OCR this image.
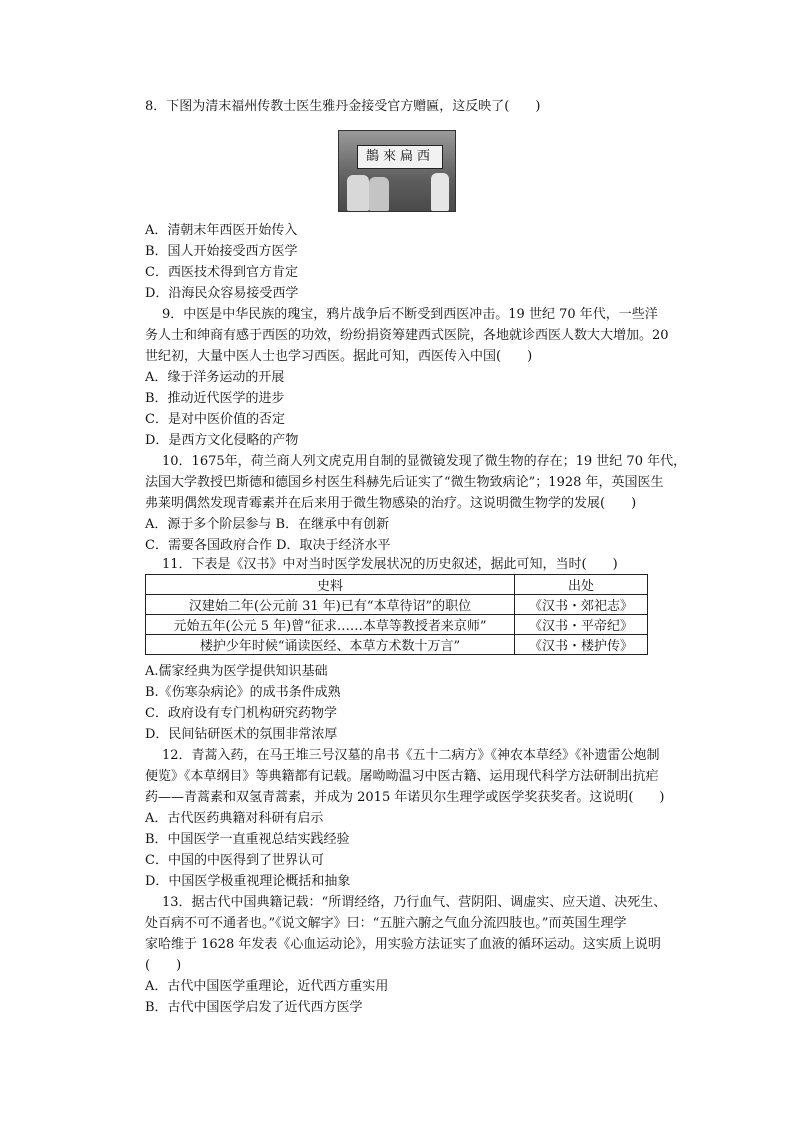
8．下图为清末福州传教士医生雅丹金接受官方赠匾，这反映了(　　)
鵲來扁西
A．清朝末年西医开始传入
B．国人开始接受西方医学
C．西医技术得到官方肯定
D．沿海民众容易接受西学
9．中医是中华民族的瑰宝，鸦片战争后不断受到西医冲击。19 世纪 70 年代，一些洋
务人士和绅商有感于西医的功效，纷纷捐资筹建西式医院，各地就诊西医人数大大增加。20
世纪初，大量中医人士也学习西医。据此可知，西医传入中国(　　)
A．缘于洋务运动的开展
B．推动近代医学的进步
C．是对中医价值的否定
D．是西方文化侵略的产物
10．1675年，荷兰商人列文虎克用自制的显微镜发现了微生物的存在；19 世纪 70 年代，
法国大学教授巴斯德和德国乡村医生科赫先后证实了“微生物致病论”；1928 年，英国医生
弗莱明偶然发现青霉素并在后来用于微生物感染的治疗。这说明微生物学的发展(　　)
A．源于多个阶层参与 B．在继承中有创新
C．需要各国政府合作 D．取决于经济水平
11．下表是《汉书》中对当时医学发展状况的历史叙述，据此可知，当时(　　)
史料	出处
汉建始二年(公元前 31 年)已有“本草待诏”的职位	《汉书・郊祀志》
元始五年(公元 5 年)曾“征求……本草等教授者来京师”	《汉书・平帝纪》
楼护少年时候“诵读医经、本草方术数十万言”	《汉书・楼护传》
A.儒家经典为医学提供知识基础
B.《伤寒杂病论》的成书条件成熟
C．政府设有专门机构研究药物学
D．民间钻研医术的氛围非常浓厚
12．青蒿入药，在马王堆三号汉墓的帛书《五十二病方》《神农本草经》《补遗雷公炮制
便览》《本草纲目》等典籍都有记载。屠呦呦温习中医古籍、运用现代科学方法研制出抗疟
药——青蒿素和双氢青蒿素，并成为 2015 年诺贝尔生理学或医学奖获奖者。这说明(　　)
A．古代医药典籍对科研有启示
B．中国医学一直重视总结实践经验
C．中国的中医得到了世界认可
D．中国医学极重视理论概括和抽象
13．据古代中国典籍记载：“所谓经络，乃行血气、营阴阳、调虚实、应天道、决死生、
处百病不可不通者也。”《说文解字》曰：“五脏六腑之气血分流四肢也。”而英国生理学
家哈维于 1628 年发表《心血运动论》，用实验方法证实了血液的循环运动。这实质上说明
(　　)
A．古代中国医学重理论，近代西方重实用
B．古代中国医学启发了近代西方医学
